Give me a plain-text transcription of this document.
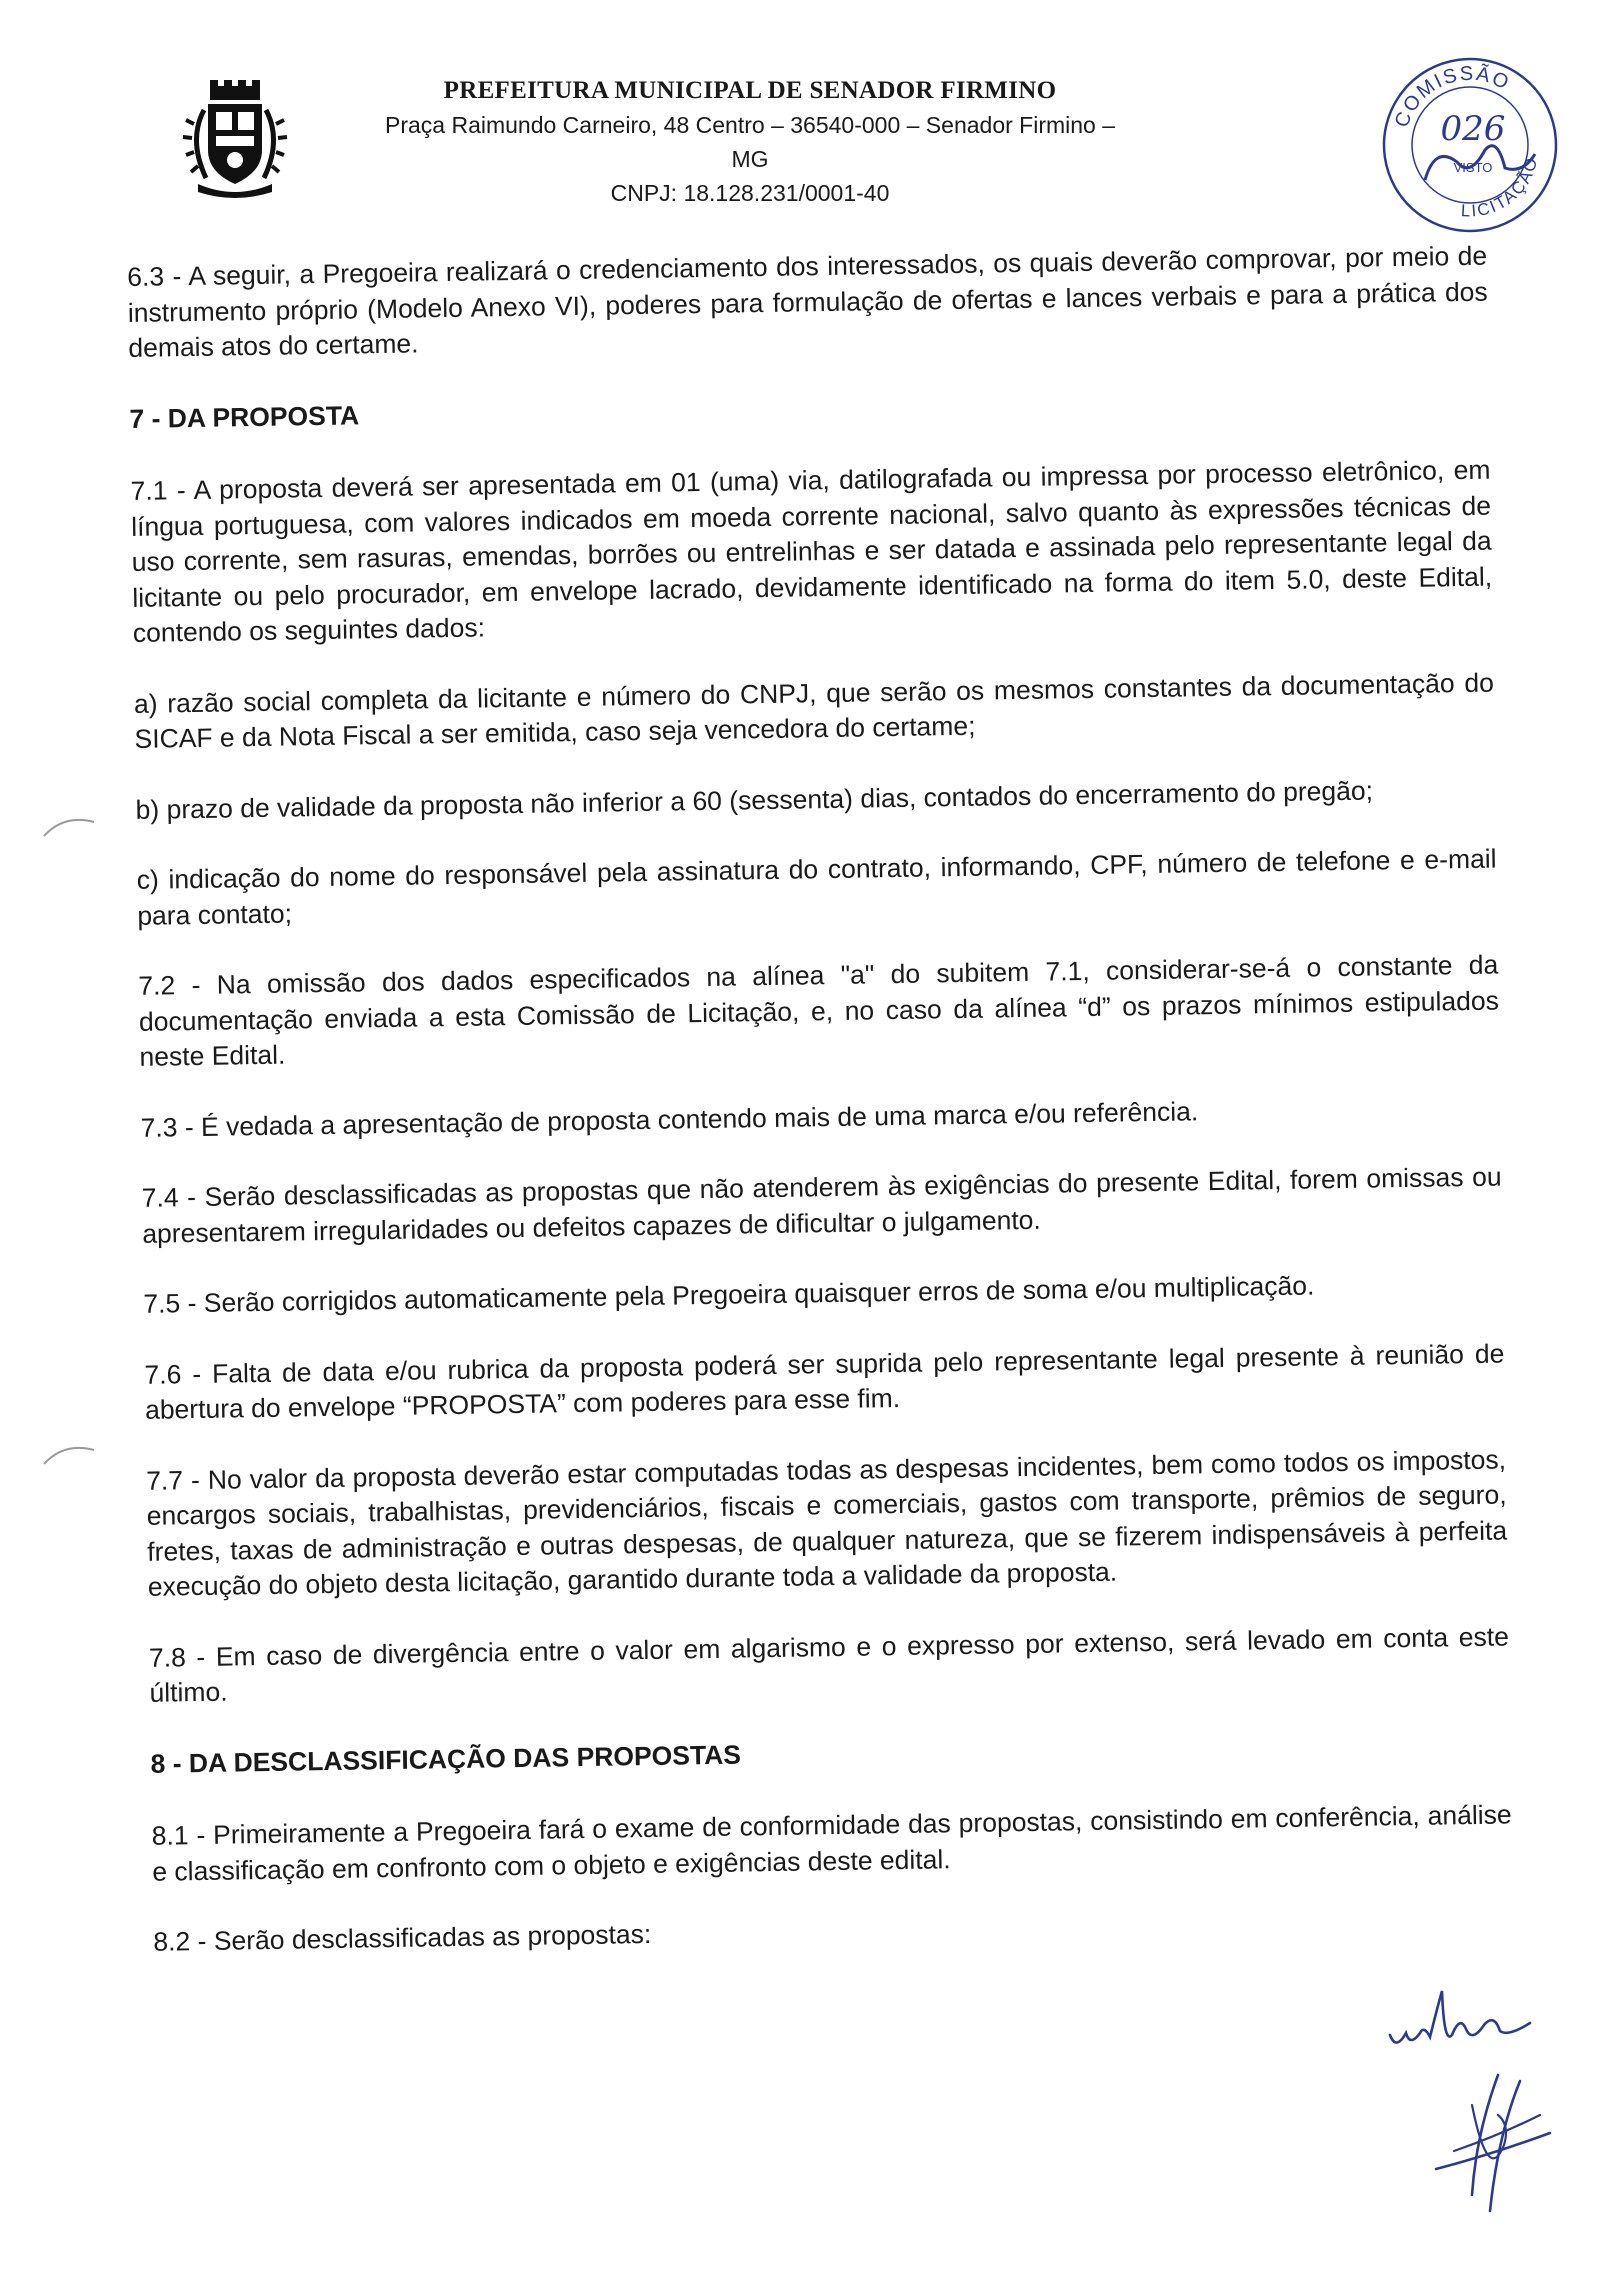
PREFEITURA MUNICIPAL DE SENADOR FIRMINO

Praça Raimundo Carneiro, 48 Centro – 36540-000 – Senador Firmino – MG

CNPJ: 18.128.231/0001-40

COMISSÃO
LICITAÇÃO
026
VISTO

6.3 - A seguir, a Pregoeira realizará o credenciamento dos interessados, os quais deverão comprovar, por meio de instrumento próprio (Modelo Anexo VI), poderes para formulação de ofertas e lances verbais e para a prática dos demais atos do certame.

7 - DA PROPOSTA

7.1 - A proposta deverá ser apresentada em 01 (uma) via, datilografada ou impressa por processo eletrônico, em língua portuguesa, com valores indicados em moeda corrente nacional, salvo quanto às expressões técnicas de uso corrente, sem rasuras, emendas, borrões ou entrelinhas e ser datada e assinada pelo representante legal da licitante ou pelo procurador, em envelope lacrado, devidamente identificado na forma do item 5.0, deste Edital, contendo os seguintes dados:

a) razão social completa da licitante e número do CNPJ, que serão os mesmos constantes da documentação do SICAF e da Nota Fiscal a ser emitida, caso seja vencedora do certame;

b) prazo de validade da proposta não inferior a 60 (sessenta) dias, contados do encerramento do pregão;

c) indicação do nome do responsável pela assinatura do contrato, informando, CPF, número de telefone e e-mail para contato;

7.2 - Na omissão dos dados especificados na alínea "a" do subitem 7.1, considerar-se-á o constante da documentação enviada a esta Comissão de Licitação, e, no caso da alínea “d” os prazos mínimos estipulados neste Edital.

7.3 - É vedada a apresentação de proposta contendo mais de uma marca e/ou referência.

7.4 - Serão desclassificadas as propostas que não atenderem às exigências do presente Edital, forem omissas ou apresentarem irregularidades ou defeitos capazes de dificultar o julgamento.

7.5 - Serão corrigidos automaticamente pela Pregoeira quaisquer erros de soma e/ou multiplicação.

7.6 - Falta de data e/ou rubrica da proposta poderá ser suprida pelo representante legal presente à reunião de abertura do envelope “PROPOSTA” com poderes para esse fim.

7.7 - No valor da proposta deverão estar computadas todas as despesas incidentes, bem como todos os impostos, encargos sociais, trabalhistas, previdenciários, fiscais e comerciais, gastos com transporte, prêmios de seguro, fretes, taxas de administração e outras despesas, de qualquer natureza, que se fizerem indispensáveis à perfeita execução do objeto desta licitação, garantido durante toda a validade da proposta.

7.8 - Em caso de divergência entre o valor em algarismo e o expresso por extenso, será levado em conta este último.

8 - DA DESCLASSIFICAÇÃO DAS PROPOSTAS

8.1 - Primeiramente a Pregoeira fará o exame de conformidade das propostas, consistindo em conferência, análise e classificação em confronto com o objeto e exigências deste edital.

8.2 - Serão desclassificadas as propostas:
